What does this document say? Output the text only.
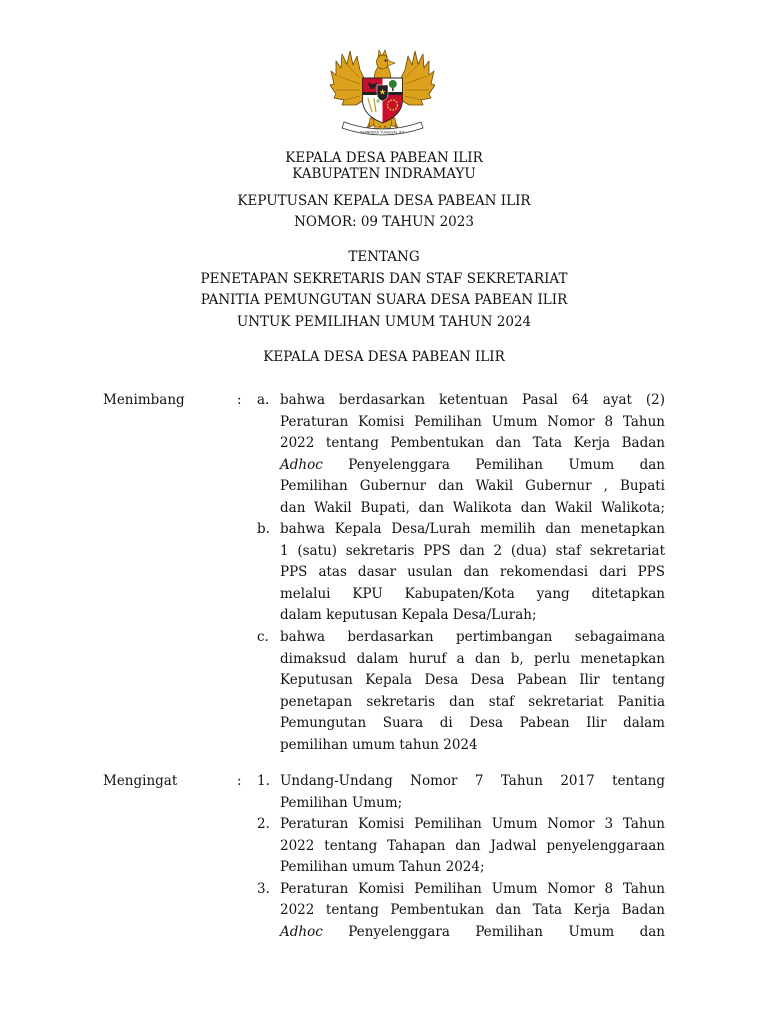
BHINNEKA TUNGGAL IKA
KEPALA DESA PABEAN ILIR
KABUPATEN INDRAMAYU
KEPUTUSAN KEPALA DESA PABEAN ILIR
NOMOR: 09 TAHUN 2023
TENTANG
PENETAPAN SEKRETARIS DAN STAF SEKRETARIAT
PANITIA PEMUNGUTAN SUARA DESA PABEAN ILIR
UNTUK PEMILIHAN UMUM TAHUN 2024
KEPALA DESA DESA PABEAN ILIR
Menimbang	: a. bahwa berdasarkan ketentuan Pasal 64 ayat (2)
Peraturan Komisi Pemilihan Umum Nomor 8 Tahun
2022 tentang Pembentukan dan Tata Kerja Badan
Adhoc Penyelenggara Pemilihan Umum dan
Pemilihan Gubernur dan Wakil Gubernur , Bupati
dan Wakil Bupati, dan Walikota dan Wakil Walikota;
b. bahwa Kepala Desa/Lurah memilih dan menetapkan
1 (satu) sekretaris PPS dan 2 (dua) staf sekretariat
PPS atas dasar usulan dan rekomendasi dari PPS
melalui KPU Kabupaten/Kota yang ditetapkan
dalam keputusan Kepala Desa/Lurah;
c. bahwa berdasarkan pertimbangan sebagaimana
dimaksud dalam huruf a dan b, perlu menetapkan
Keputusan Kepala Desa Desa Pabean Ilir tentang
penetapan sekretaris dan staf sekretariat Panitia
Pemungutan Suara di Desa Pabean Ilir dalam
pemilihan umum tahun 2024
Mengingat	: 1. Undang-Undang Nomor 7 Tahun 2017 tentang
Pemilihan Umum;
2. Peraturan Komisi Pemilihan Umum Nomor 3 Tahun
2022 tentang Tahapan dan Jadwal penyelenggaraan
Pemilihan umum Tahun 2024;
3. Peraturan Komisi Pemilihan Umum Nomor 8 Tahun
2022 tentang Pembentukan dan Tata Kerja Badan
Adhoc Penyelenggara Pemilihan Umum dan
